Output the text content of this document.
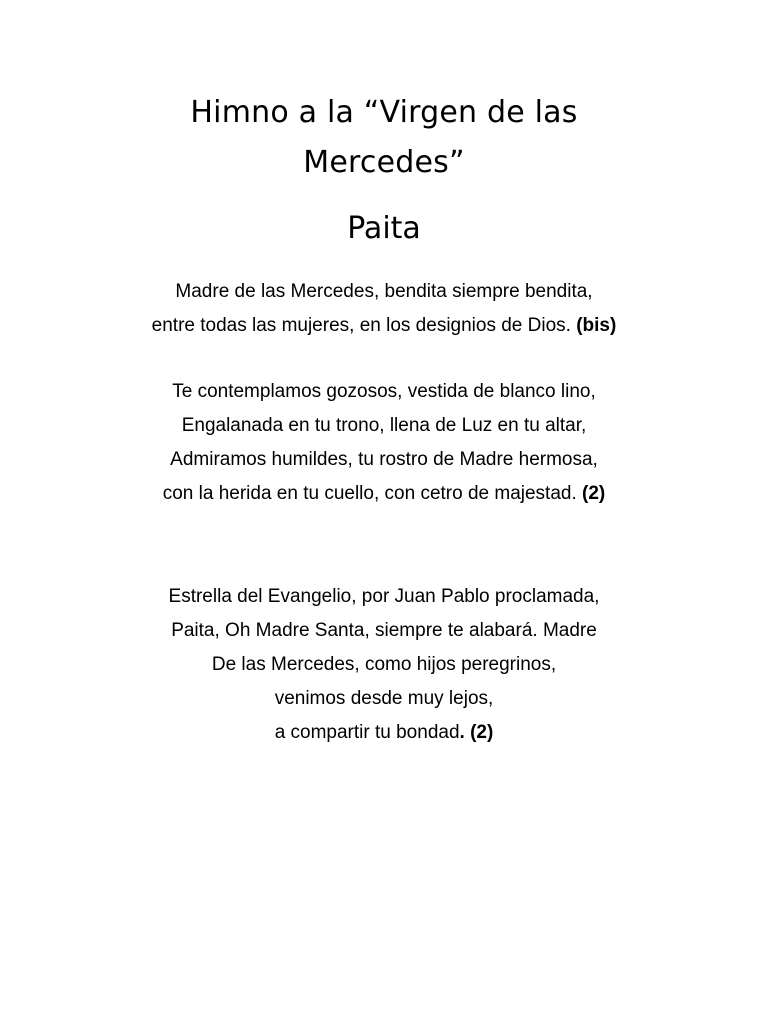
Himno a la “Virgen de las
Mercedes”
Paita
Madre de las Mercedes, bendita siempre bendita,
entre todas las mujeres, en los designios de Dios. (bis)
Te contemplamos gozosos, vestida de blanco lino,
Engalanada en tu trono, llena de Luz en tu altar,
Admiramos humildes, tu rostro de Madre hermosa,
con la herida en tu cuello, con cetro de majestad. (2)
Estrella del Evangelio, por Juan Pablo proclamada,
Paita, Oh Madre Santa, siempre te alabará. Madre
De las Mercedes, como hijos peregrinos,
venimos desde muy lejos,
a compartir tu bondad. (2)
